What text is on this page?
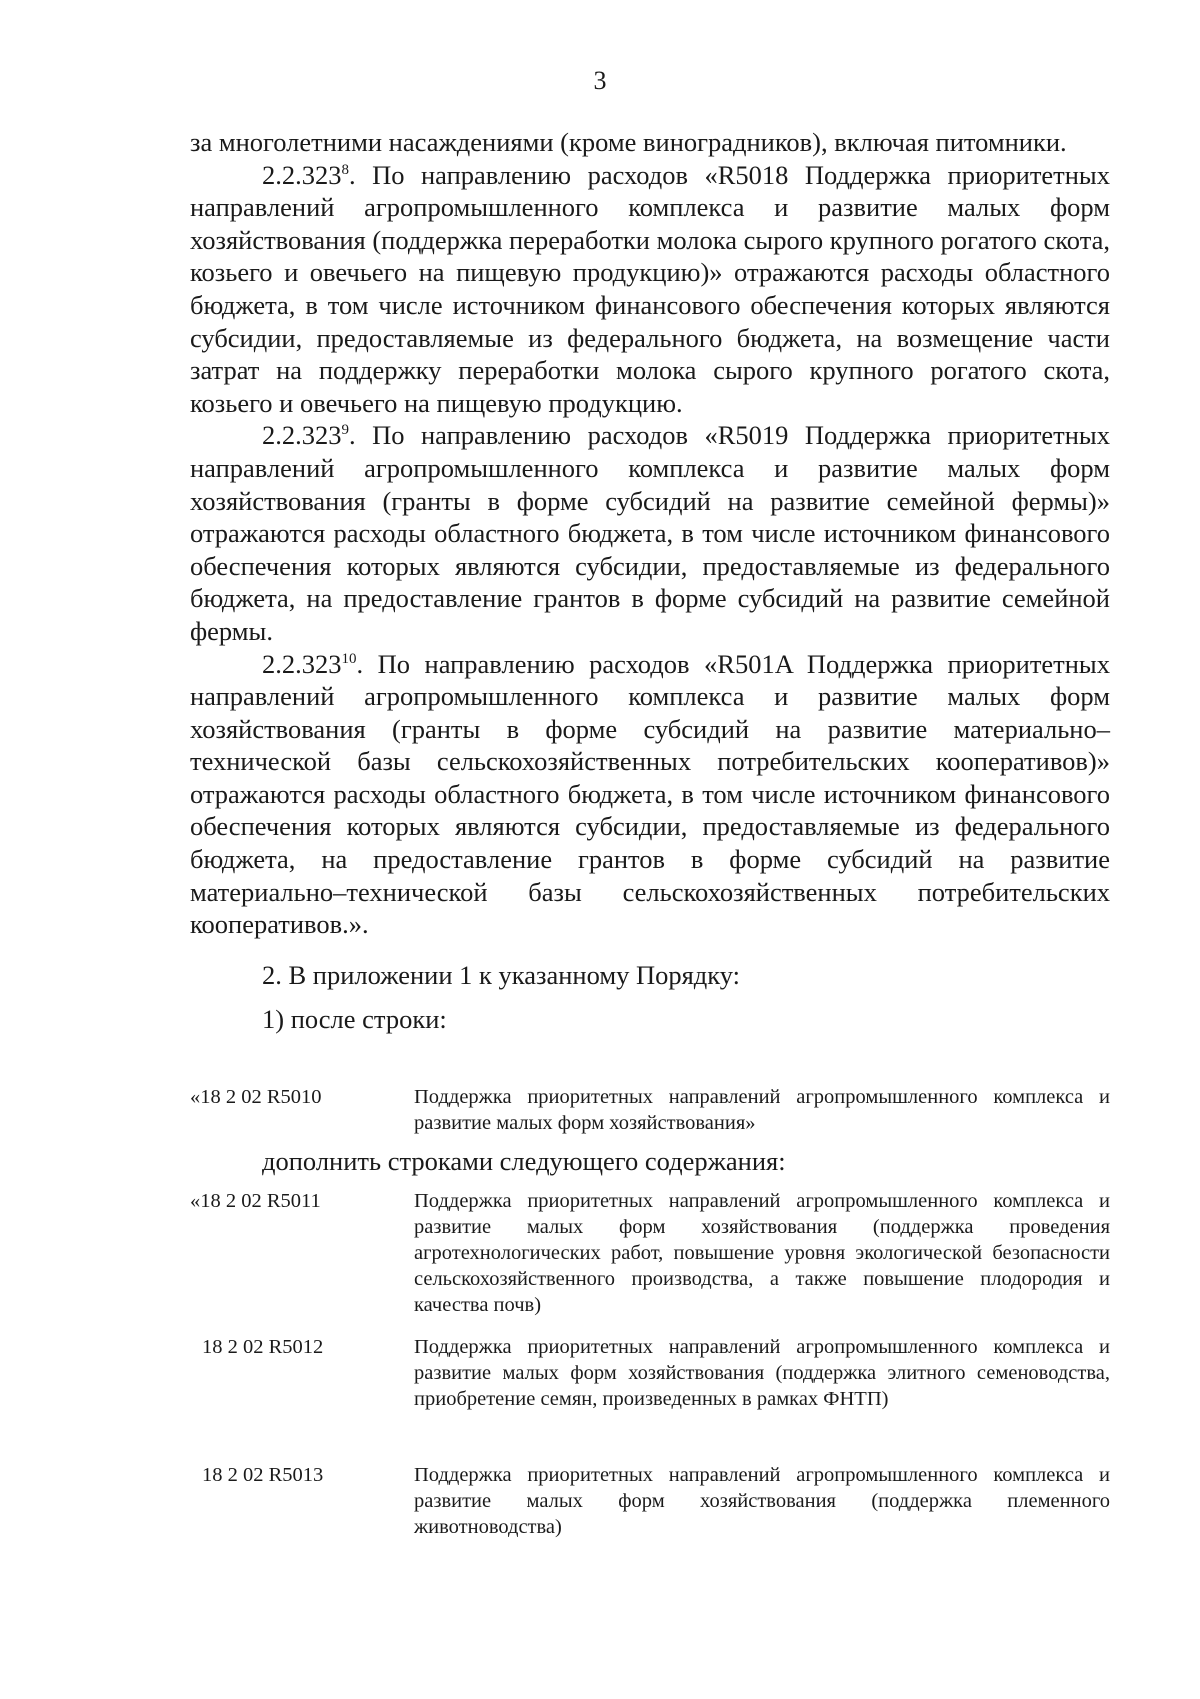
3

за многолетними насаждениями (кроме виноградников), включая питомники.

2.2.323$^8$. По направлению расходов «R5018 Поддержка приоритетных направлений агропромышленного комплекса и развитие малых форм хозяйствования (поддержка переработки молока сырого крупного рогатого скота, козьего и овечьего на пищевую продукцию)» отражаются расходы областного бюджета, в том числе источником финансового обеспечения которых являются субсидии, предоставляемые из федерального бюджета, на возмещение части затрат на поддержку переработки молока сырого крупного рогатого скота, козьего и овечьего на пищевую продукцию.

2.2.323$^9$. По направлению расходов «R5019 Поддержка приоритетных направлений агропромышленного комплекса и развитие малых форм хозяйствования (гранты в форме субсидий на развитие семейной фермы)» отражаются расходы областного бюджета, в том числе источником финансового обеспечения которых являются субсидии, предоставляемые из федерального бюджета, на предоставление грантов в форме субсидий на развитие семейной фермы.

2.2.323$^{10}$. По направлению расходов «R501A Поддержка приоритетных направлений агропромышленного комплекса и развитие малых форм хозяйствования (гранты в форме субсидий на развитие материально–технической базы сельскохозяйственных потребительских кооперативов)» отражаются расходы областного бюджета, в том числе источником финансового обеспечения которых являются субсидии, предоставляемые из федерального бюджета, на предоставление грантов в форме субсидий на развитие материально–технической базы сельскохозяйственных потребительских кооперативов.».

2. В приложении 1 к указанному Порядку:

1) после строки:

«18 2 02 R5010	Поддержка приоритетных направлений агропромышленного комплекса и развитие малых форм хозяйствования»
дополнить строками следующего содержания:
«18 2 02 R5011	Поддержка приоритетных направлений агропромышленного комплекса и развитие малых форм хозяйствования (поддержка проведения агротехнологических работ, повышение уровня экологической безопасности сельскохозяйственного производства, а также повышение плодородия и качества почв)
18 2 02 R5012	Поддержка приоритетных направлений агропромышленного комплекса и развитие малых форм хозяйствования (поддержка элитного семеноводства, приобретение семян, произведенных в рамках ФНТП)
18 2 02 R5013	Поддержка приоритетных направлений агропромышленного комплекса и развитие малых форм хозяйствования (поддержка племенного животноводства)
